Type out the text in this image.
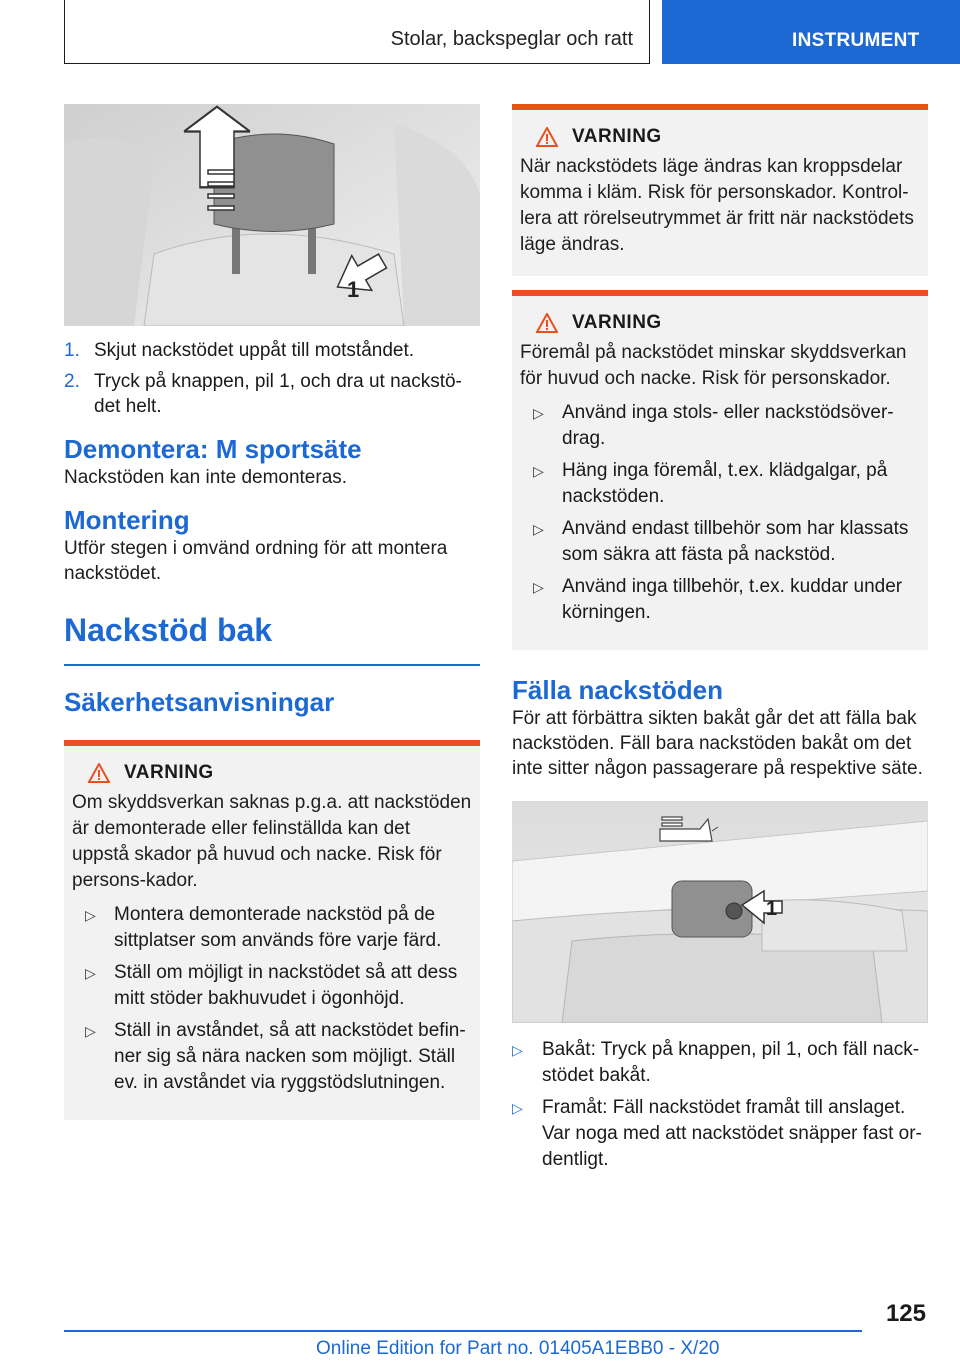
Stolar, backspeglar och ratt	INSTRUMENT
1
1. Skjut nackstödet uppåt till motståndet.
2. Tryck på knappen, pil 1, och dra ut nackstö-det helt.
Demontera: M sportsäte

Nackstöden kan inte demonteras.

Montering

Utför stegen i omvänd ordning för att montera nackstödet.

Nackstöd bak
Säkerhetsanvisningar
VARNING

Om skyddsverkan saknas p.g.a. att nackstöden är demonterade eller felinställda kan det uppstå skador på huvud och nacke. Risk för persons-kador.

▷ Montera demonterade nackstöd på de sittplatser som används före varje färd.
▷ Ställ om möjligt in nackstödet så att dess mitt stöder bakhuvudet i ögonhöjd.
▷ Ställ in avståndet, så att nackstödet befin-ner sig så nära nacken som möjligt. Ställ ev. in avståndet via ryggstödslutningen.
VARNING

När nackstödets läge ändras kan kroppsdelar komma i kläm. Risk för personskador. Kontrol-lera att rörelseutrymmet är fritt när nackstödets läge ändras.

VARNING

Föremål på nackstödet minskar skyddsverkan för huvud och nacke. Risk för personskador.

▷ Använd inga stols- eller nackstödsöver-drag.
▷ Häng inga föremål, t.ex. klädgalgar, på nackstöden.
▷ Använd endast tillbehör som har klassats som säkra att fästa på nackstöd.
▷ Använd inga tillbehör, t.ex. kuddar under körningen.
Fälla nackstöden

För att förbättra sikten bakåt går det att fälla bak nackstöden. Fäll bara nackstöden bakåt om det inte sitter någon passagerare på respektive säte.

1
▷ Bakåt: Tryck på knappen, pil 1, och fäll nack-stödet bakåt.
▷ Framåt: Fäll nackstödet framåt till anslaget. Var noga med att nackstödet snäpper fast or-dentligt.
125
Online Edition for Part no. 01405A1EBB0 - X/20
